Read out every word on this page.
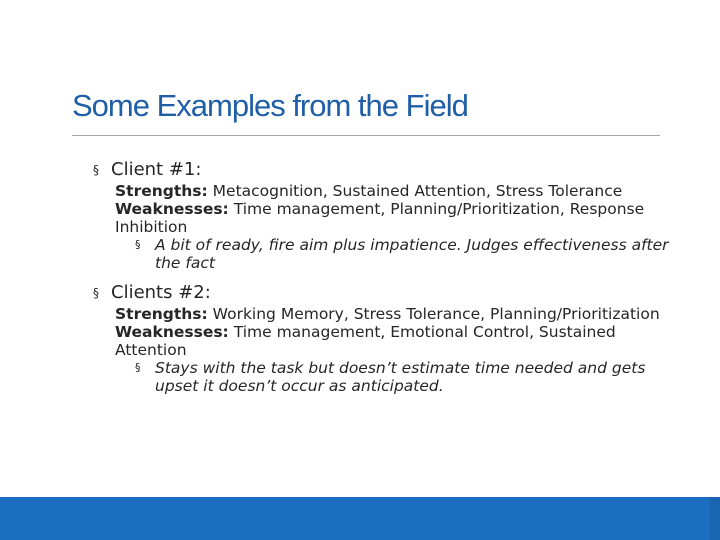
Some Examples from the Field
§ Client #1:
Strengths: Metacognition, Sustained Attention, Stress Tolerance
Weaknesses: Time management, Planning/Prioritization, Response Inhibition
§ A bit of ready, fire aim plus impatience. Judges effectiveness after the fact
§ Clients #2:
Strengths: Working Memory, Stress Tolerance, Planning/Prioritization
Weaknesses: Time management, Emotional Control, Sustained Attention
§ Stays with the task but doesn’t estimate time needed and gets upset it doesn’t occur as anticipated.
